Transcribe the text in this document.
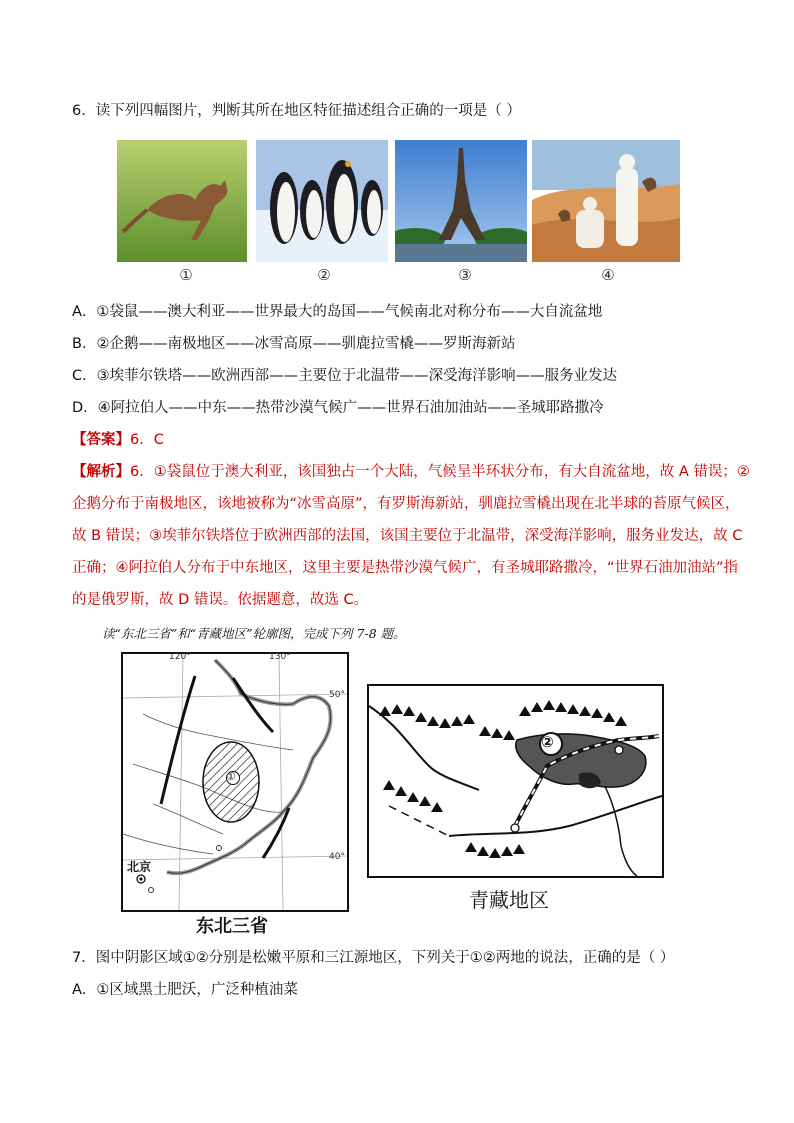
6．读下列四幅图片，判断其所在地区特征描述组合正确的一项是（ ）
①	②	③	④
A．①袋鼠——澳大利亚——世界最大的岛国——气候南北对称分布——大自流盆地
B．②企鹅——南极地区——冰雪高原——驯鹿拉雪橇——罗斯海新站
C．③埃菲尔铁塔——欧洲西部——主要位于北温带——深受海洋影响——服务业发达
D．④阿拉伯人——中东——热带沙漠气候广——世界石油加油站——圣城耶路撒冷
【答案】6．C
【解析】6．①袋鼠位于澳大利亚，该国独占一个大陆，气候呈半环状分布，有大自流盆地，故 A 错误；②
企鹅分布于南极地区，该地被称为“冰雪高原”，有罗斯海新站，驯鹿拉雪橇出现在北半球的苔原气候区，
故 B 错误；③埃菲尔铁塔位于欧洲西部的法国，该国主要位于北温带，深受海洋影响，服务业发达，故 C
正确；④阿拉伯人分布于中东地区，这里主要是热带沙漠气候广，有圣城耶路撒冷，“世界石油加油站”指
的是俄罗斯，故 D 错误。依据题意，故选 C。
读“东北三省”和“青藏地区”轮廓图，完成下列 7-8 题。
120°	130°
50°
40°
①
北京
东北三省
②
青藏地区
7．图中阴影区域①②分别是松嫩平原和三江源地区，下列关于①②两地的说法，正确的是（ ）
A．①区域黑土肥沃，广泛种植油菜
